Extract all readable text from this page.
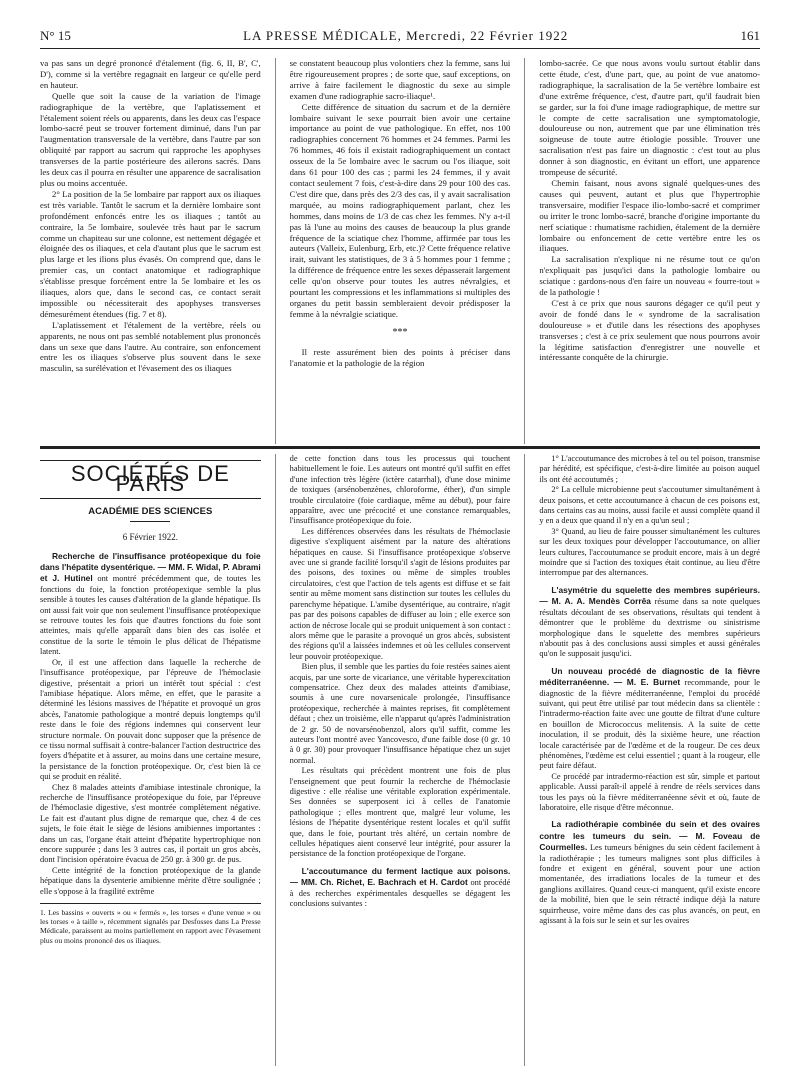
N° 15	LA PRESSE MÉDICALE, Mercredi, 22 Février 1922	161

va pas sans un degré prononcé d'étalement (fig. 6, II, B', C', D'), comme si la vertèbre regagnait en largeur ce qu'elle perd en hauteur.

Quelle que soit la cause de la variation de l'image radiographique de la vertèbre, que l'aplatissement et l'étalement soient réels ou apparents, dans les deux cas l'espace lombo-sacré peut se trouver fortement diminué, dans l'un par l'augmentation transversale de la vertèbre, dans l'autre par son obliquité par rapport au sacrum qui rapproche les apophyses transverses de la partie postérieure des ailerons sacrés. Dans les deux cas il pourra en résulter une apparence de sacralisation plus ou moins accentuée.

2° La position de la 5e lombaire par rapport aux os iliaques est très variable. Tantôt le sacrum et la dernière lombaire sont profondément enfoncés entre les os iliaques ; tantôt au contraire, la 5e lombaire, soulevée très haut par le sacrum comme un chapiteau sur une colonne, est nettement dégagée et éloignée des os iliaques, et cela d'autant plus que le sacrum est plus large et les ilions plus évasés. On comprend que, dans le premier cas, un contact anatomique et radiographique s'établisse presque forcément entre la 5e lombaire et les os iliaques, alors que, dans le second cas, ce contact serait impossible ou nécessiterait des apophyses transverses démesurément étendues (fig. 7 et 8).

L'aplatissement et l'étalement de la vertèbre, réels ou apparents, ne nous ont pas semblé notablement plus prononcés dans un sexe que dans l'autre. Au contraire, son enfoncement entre les os iliaques s'observe plus souvent dans le sexe masculin, sa surélévation et l'évasement des os iliaques

se constatent beaucoup plus volontiers chez la femme, sans lui être rigoureusement propres ; de sorte que, sauf exceptions, on arrive à faire facilement le diagnostic du sexe au simple examen d'une radiographie sacro-iliaque¹.

Cette différence de situation du sacrum et de la dernière lombaire suivant le sexe pourrait bien avoir une certaine importance au point de vue pathologique. En effet, nos 100 radiographies concernent 76 hommes et 24 femmes. Parmi les 76 hommes, 46 fois il existait radiographiquement un contact osseux de la 5e lombaire avec le sacrum ou l'os iliaque, soit dans 61 pour 100 des cas ; parmi les 24 femmes, il y avait contact seulement 7 fois, c'est-à-dire dans 29 pour 100 des cas. C'est dire que, dans près des 2/3 des cas, il y avait sacralisation marquée, au moins radiographiquement parlant, chez les hommes, dans moins de 1/3 de cas chez les femmes. N'y a-t-il pas là l'une au moins des causes de beaucoup la plus grande fréquence de la sciatique chez l'homme, affirmée par tous les auteurs (Valleix, Eulenburg, Erb, etc.)? Cette fréquence relative irait, suivant les statistiques, de 3 à 5 hommes pour 1 femme ; la différence de fréquence entre les sexes dépasserait largement celle qu'on observe pour toutes les autres névralgies, et pourtant les compressions et les inflammations si multiples des organes du petit bassin sembleraient devoir prédisposer la femme à la névralgie sciatique.

***

Il reste assurément bien des points à préciser dans l'anatomie et la pathologie de la région

lombo-sacrée. Ce que nous avons voulu surtout établir dans cette étude, c'est, d'une part, que, au point de vue anatomo-radiographique, la sacralisation de la 5e vertèbre lombaire est d'une extrême fréquence, c'est, d'autre part, qu'il faudrait bien se garder, sur la foi d'une image radiographique, de mettre sur le compte de cette sacralisation une symptomatologie, douloureuse ou non, autrement que par une élimination très soigneuse de toute autre étiologie possible. Trouver une sacralisation n'est pas faire un diagnostic : c'est tout au plus donner à son diagnostic, en évitant un effort, une apparence trompeuse de sécurité.

Chemin faisant, nous avons signalé quelques-unes des causes qui peuvent, autant et plus que l'hypertrophie transversaire, modifier l'espace ilio-lombo-sacré et comprimer ou irriter le tronc lombo-sacré, branche d'origine importante du nerf sciatique : rhumatisme rachidien, étalement de la dernière lombaire ou enfoncement de cette vertèbre entre les os iliaques.

La sacralisation n'explique ni ne résume tout ce qu'on n'expliquait pas jusqu'ici dans la pathologie lombaire ou sciatique : gardons-nous d'en faire un nouveau « fourre-tout » de la pathologie !

C'est à ce prix que nous saurons dégager ce qu'il peut y avoir de fondé dans le « syndrome de la sacralisation douloureuse » et d'utile dans les résections des apophyses transverses ; c'est à ce prix seulement que nous pourrons avoir la légitime satisfaction d'enregistrer une nouvelle et intéressante conquête de la chirurgie.

SOCIÉTÉS DE PARIS
ACADÉMIE DES SCIENCES
6 Février 1922.

Recherche de l'insuffisance protéopexique du foie dans l'hépatite dysentérique. — MM. F. Widal, P. Abrami et J. Hutinel ont montré précédemment que, de toutes les fonctions du foie, la fonction protéopexique semble la plus sensible à toutes les causes d'altération de la glande hépatique. Ils ont aussi fait voir que non seulement l'insuffisance protéopexique se retrouve toutes les fois que d'autres fonctions du foie sont atteintes, mais qu'elle apparaît dans bien des cas isolée et constitue de la sorte le témoin le plus délicat de l'hépatisme latent.

Or, il est une affection dans laquelle la recherche de l'insuffisance protéopexique, par l'épreuve de l'hémoclasie digestive, présentait a priori un intérêt tout spécial : c'est l'amibiase hépatique. Alors même, en effet, que le parasite a déterminé les lésions massives de l'hépatite et provoqué un gros abcès, l'anatomie pathologique a montré depuis longtemps qu'il reste dans le foie des régions indemnes qui conservent leur structure normale. On pouvait donc supposer que la présence de ce tissu normal suffisait à contre-balancer l'action destructrice des foyers d'hépatite et à assurer, au moins dans une certaine mesure, la persistance de la fonction protéopexique. Or, c'est bien là ce qui se produit en réalité.

Chez 8 malades atteints d'amibiase intestinale chronique, la recherche de l'insuffisance protéopexique du foie, par l'épreuve de l'hémoclasie digestive, s'est montrée complètement négative. Le fait est d'autant plus digne de remarque que, chez 4 de ces sujets, le foie était le siège de lésions amibiennes importantes : dans un cas, l'organe était atteint d'hépatite hypertrophique non encore suppurée ; dans les 3 autres cas, il portait un gros abcès, dont l'incision opératoire évacua de 250 gr. à 300 gr. de pus.

Cette intégrité de la fonction protéopexique de la glande hépatique dans la dysenterie amibienne mérite d'être soulignée ; elle s'oppose à la fragilité extrême

1. Les bassins « ouverts » ou « fermés », les torses « d'une venue » ou les torses « à taille », récemment signalés par Desfosses dans La Presse Médicale, paraissent au moins partiellement en rapport avec l'évasement plus ou moins prononcé des os iliaques.

de cette fonction dans tous les processus qui touchent habituellement le foie. Les auteurs ont montré qu'il suffit en effet d'une infection très légère (ictère catarrhal), d'une dose minime de toxiques (arsénobenzènes, chloroforme, éther), d'un simple trouble circulatoire (foie cardiaque, même au début), pour faire apparaître, avec une précocité et une constance remarquables, l'insuffisance protéopexique du foie.

Les différences observées dans les résultats de l'hémoclasie digestive s'expliquent aisément par la nature des altérations hépatiques en cause. Si l'insuffisance protéopexique s'observe avec une si grande facilité lorsqu'il s'agit de lésions produites par des poisons, des toxines ou même de simples troubles circulatoires, c'est que l'action de tels agents est diffuse et se fait sentir au même moment sans distinction sur toutes les cellules du parenchyme hépatique. L'amibe dysentérique, au contraire, n'agit pas par des poisons capables de diffuser au loin ; elle exerce son action de nécrose locale qui se produit uniquement à son contact : alors même que le parasite a provoqué un gros abcès, subsistent des régions qu'il a laissées indemnes et où les cellules conservent leur pouvoir protéopexique.

Bien plus, il semble que les parties du foie restées saines aient acquis, par une sorte de vicariance, une véritable hyperexcitation compensatrice. Chez deux des malades atteints d'amibiase, soumis à une cure novarsenicale prolongée, l'insuffisance protéopexique, recherchée à maintes reprises, fit complètement défaut ; chez un troisième, elle n'apparut qu'après l'administration de 2 gr. 50 de novarsénobenzol, alors qu'il suffit, comme les auteurs l'ont montré avec Yancovesco, d'une faible dose (0 gr. 10 à 0 gr. 30) pour provoquer l'insuffisance hépatique chez un sujet normal.

Les résultats qui précèdent montrent une fois de plus l'enseignement que peut fournir la recherche de l'hémoclasie digestive : elle réalise une véritable exploration expérimentale. Ses données se superposent ici à celles de l'anatomie pathologique ; elles montrent que, malgré leur volume, les lésions de l'hépatite dysentérique restent locales et qu'il suffit que, dans le foie, pourtant très altéré, un certain nombre de cellules hépatiques aient conservé leur intégrité, pour assurer la persistance de la fonction protéopexique de l'organe.

L'accoutumance du ferment lactique aux poisons. — MM. Ch. Richet, E. Bachrach et H. Cardot ont procédé à des recherches expérimentales desquelles se dégagent les conclusions suivantes :

1° L'accoutumance des microbes à tel ou tel poison, transmise par hérédité, est spécifique, c'est-à-dire limitée au poison auquel ils ont été accoutumés ;

2° La cellule microbienne peut s'accoutumer simultanément à deux poisons, et cette accoutumance à chacun de ces poisons est, dans certains cas au moins, aussi facile et aussi complète quand il y en a deux que quand il n'y en a qu'un seul ;

3° Quand, au lieu de faire pousser simultanément les cultures sur les deux toxiques pour développer l'accoutumance, on allier leurs cultures, l'accoutumance se produit encore, mais à un degré moindre que si l'action des toxiques était continue, au lieu d'être interrompue par des alternances.

L'asymétrie du squelette des membres supérieurs. — M. A. A. Mendès Corrêa résume dans sa note quelques résultats découlant de ses observations, résultats qui tendent à démontrer que le problème du dextrisme ou sinistrisme morphologique dans le squelette des membres supérieurs n'aboutit pas à des conclusions aussi simples et aussi générales qu'on le supposait jusqu'ici.

Un nouveau procédé de diagnostic de la fièvre méditerranéenne. — M. E. Burnet recommande, pour le diagnostic de la fièvre méditerranéenne, l'emploi du procédé suivant, qui peut être utilisé par tout médecin dans sa clientèle : l'intradermo-réaction faite avec une goutte de filtrat d'une culture en bouillon de Micrococcus melitensis. A la suite de cette inoculation, il se produit, dès la sixième heure, une réaction locale caractérisée par de l'œdème et de la rougeur. De ces deux phénomènes, l'œdème est celui essentiel ; quant à la rougeur, elle peut faire défaut.

Ce procédé par intradermo-réaction est sûr, simple et partout applicable. Aussi paraît-il appelé à rendre de réels services dans tous les pays où la fièvre méditerranéenne sévit et où, faute de laboratoire, elle risque d'être méconnue.

La radiothérapie combinée du sein et des ovaires contre les tumeurs du sein. — M. Foveau de Courmelles. Les tumeurs bénignes du sein cèdent facilement à la radiothérapie ; les tumeurs malignes sont plus difficiles à fondre et exigent en général, souvent pour une action momentanée, des irradiations locales de la tumeur et des ganglions axillaires. Quand ceux-ci manquent, qu'il existe encore de la mobilité, bien que le sein rétracté indique déjà la nature squirrheuse, voire même dans des cas plus avancés, on peut, en agissant à la fois sur le sein et sur les ovaires
